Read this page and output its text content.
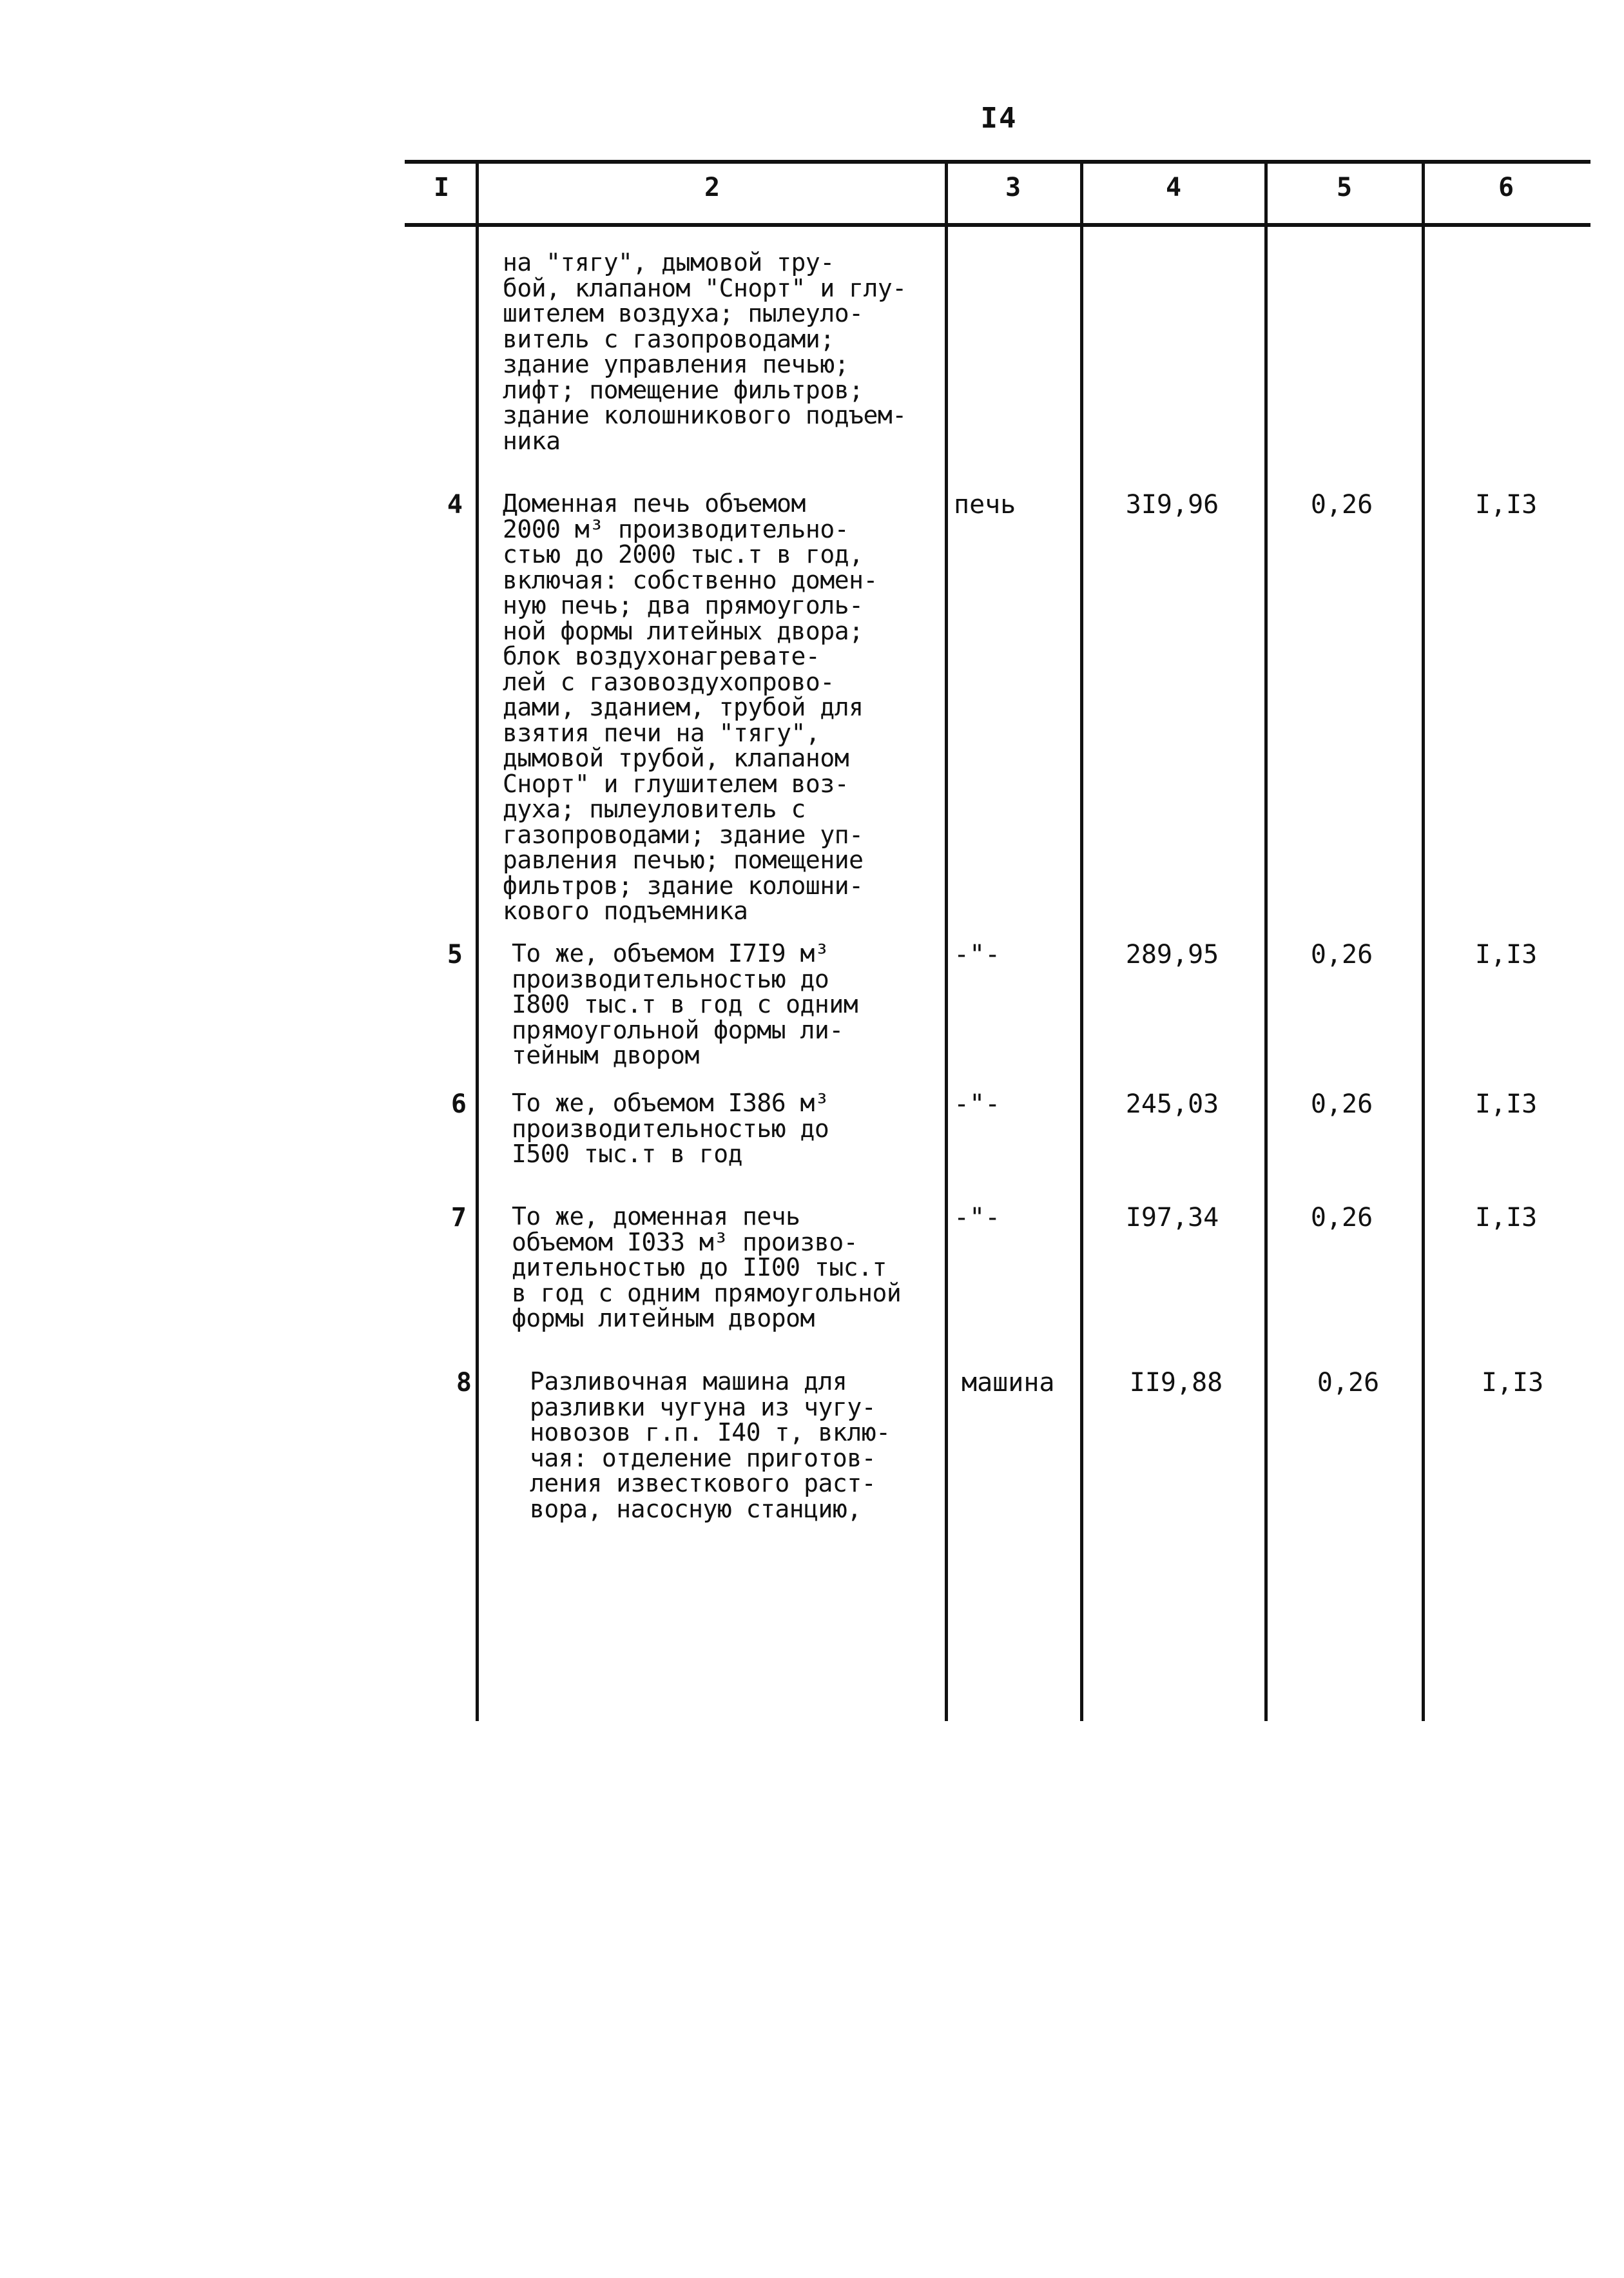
I4
I	2	3	4	5	6
на "тягу", дымовой тру-
бой, клапаном "Снорт" и глу-
шителем воздуха; пылеуло-
витель с газопроводами;
здание управления печью;
лифт; помещение фильтров;
здание колошникового подъем-
ника
4 Доменная печь объемом
2000 м³ производительно-
стью до 2000 тыс.т в год,
включая: собственно домен-
ную печь; два прямоуголь-
ной формы литейных двора;
блок воздухонагревате-
лей с газовоздухопрово-
дами, зданием, трубой для
взятия печи на "тягу",
дымовой трубой, клапаном
Снорт" и глушителем воз-
духа; пылеуловитель с
газопроводами; здание уп-
равления печью; помещение
фильтров; здание колошни-
кового подъемника
печь	3I9,96	0,26	I,I3
5 То же, объемом I7I9 м³
производительностью до
I800 тыс.т в год с одним
прямоугольной формы ли-
тейным двором
-"-	289,95	0,26	I,I3
6 То же, объемом I386 м³
производительностью до
I500 тыс.т в год
-"-	245,03	0,26	I,I3
7 То же, доменная печь
объемом I033 м³ произво-
дительностью до II00 тыс.т
в год с одним прямоугольной
формы литейным двором
-"-	I97,34	0,26	I,I3
8 Разливочная машина для
разливки чугуна из чугу-
новозов г.п. I40 т, вклю-
чая: отделение приготов-
ления известкового раст-
вора, насосную станцию,
машина	II9,88	0,26	I,I3
